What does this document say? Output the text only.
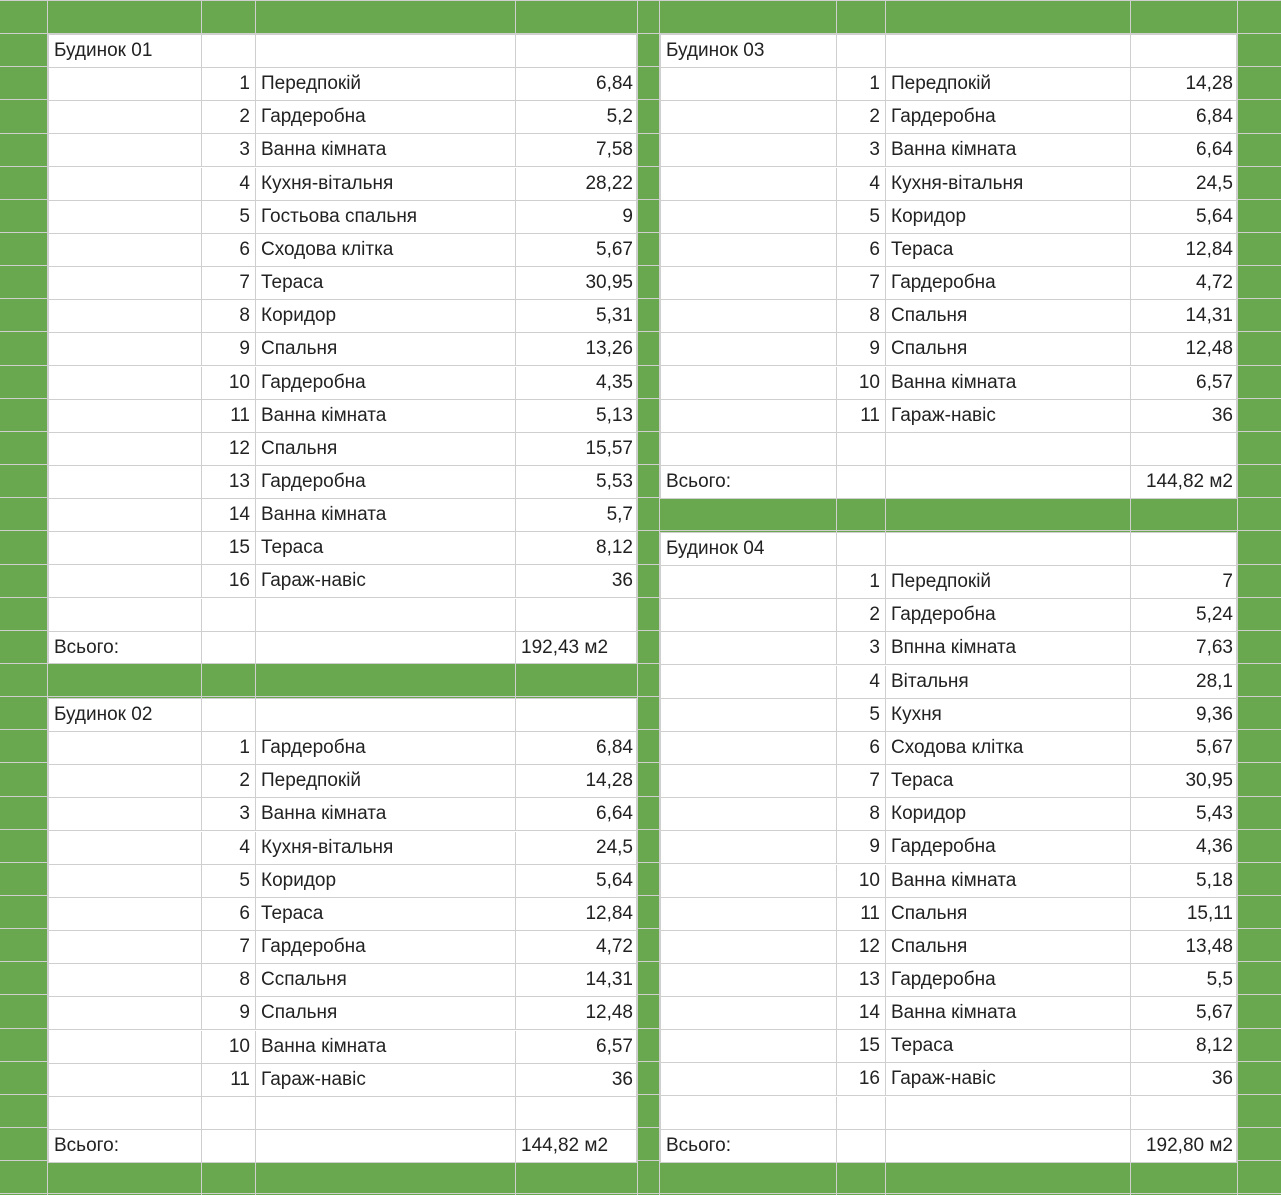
Будинок 01
1 Передпокій	6,84
2 Гардеробна	5,2
3 Ванна кімната	7,58
4 Кухня-вітальня	28,22
5 Гостьова спальня	9
6 Сходова клітка	5,67
7 Тераса	30,95
8 Коридор	5,31
9 Спальня	13,26
10 Гардеробна	4,35
11 Ванна кімната	5,13
12 Спальня	15,57
13 Гардеробна	5,53
14 Ванна кімната	5,7
15 Тераса	8,12
16 Гараж-навіс	36
Всього:	192,43 м2
Будинок 02
1 Гардеробна	6,84
2 Передпокій	14,28
3 Ванна кімната	6,64
4 Кухня-вітальня	24,5
5 Коридор	5,64
6 Тераса	12,84
7 Гардеробна	4,72
8 Сспальня	14,31
9 Спальня	12,48
10 Ванна кімната	6,57
11 Гараж-навіс	36
Всього:	144,82 м2
Будинок 03
1 Передпокій	14,28
2 Гардеробна	6,84
3 Ванна кімната	6,64
4 Кухня-вітальня	24,5
5 Коридор	5,64
6 Тераса	12,84
7 Гардеробна	4,72
8 Спальня	14,31
9 Спальня	12,48
10 Ванна кімната	6,57
11 Гараж-навіс	36
Всього:	144,82 м2
Будинок 04
1 Передпокій	7
2 Гардеробна	5,24
3 Впнна кімната	7,63
4 Вітальня	28,1
5 Кухня	9,36
6 Сходова клітка	5,67
7 Тераса	30,95
8 Коридор	5,43
9 Гардеробна	4,36
10 Ванна кімната	5,18
11 Спальня	15,11
12 Спальня	13,48
13 Гардеробна	5,5
14 Ванна кімната	5,67
15 Тераса	8,12
16 Гараж-навіс	36
Всього:	192,80 м2
